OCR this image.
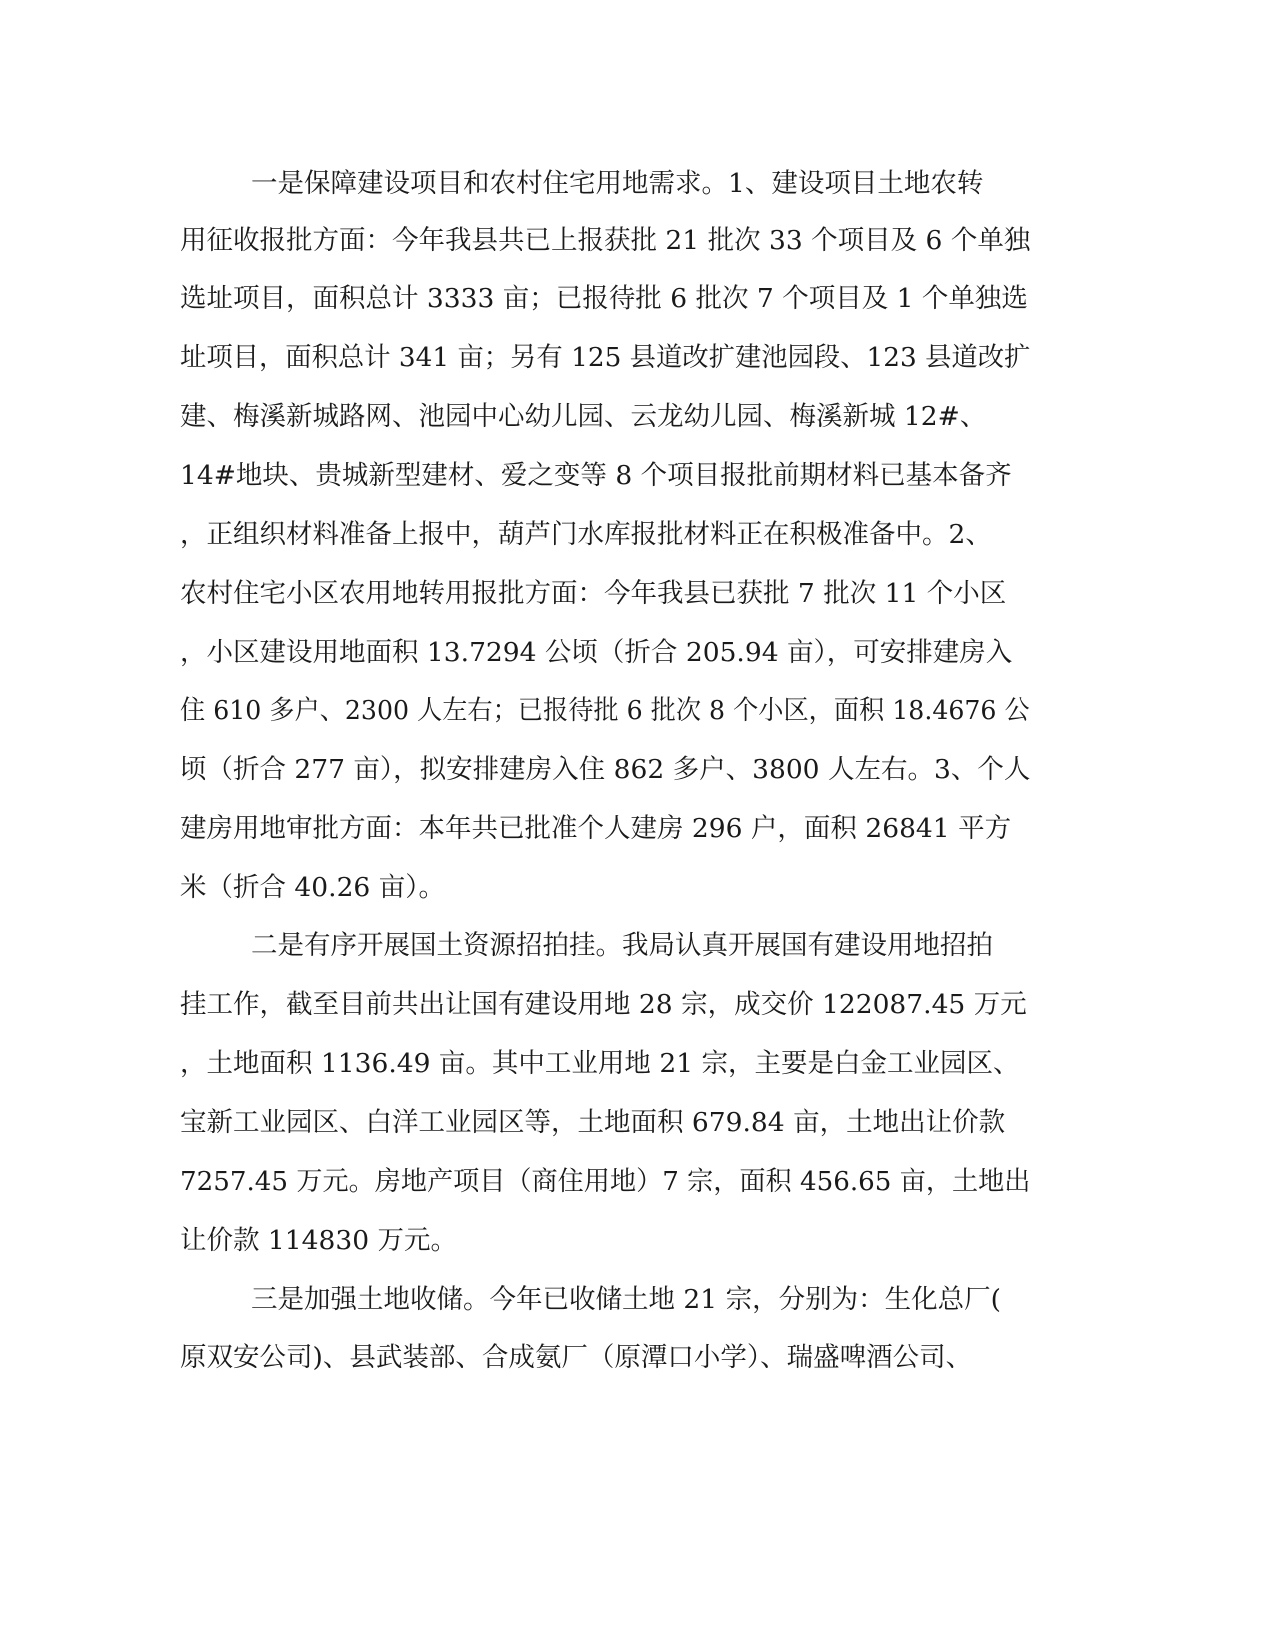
一是保障建设项目和农村住宅用地需求。1、建设项目土地农转
用征收报批方面：今年我县共已上报获批 21 批次 33 个项目及 6 个单独
选址项目，面积总计 3333 亩；已报待批 6 批次 7 个项目及 1 个单独选
址项目，面积总计 341 亩；另有 125 县道改扩建池园段、123 县道改扩
建、梅溪新城路网、池园中心幼儿园、云龙幼儿园、梅溪新城 12#、
14#地块、贵城新型建材、爱之变等 8 个项目报批前期材料已基本备齐
，正组织材料准备上报中，葫芦门水库报批材料正在积极准备中。2、
农村住宅小区农用地转用报批方面：今年我县已获批 7 批次 11 个小区
，小区建设用地面积 13.7294 公顷（折合 205.94 亩），可安排建房入
住 610 多户、2300 人左右；已报待批 6 批次 8 个小区，面积 18.4676 公
顷（折合 277 亩），拟安排建房入住 862 多户、3800 人左右。3、个人
建房用地审批方面：本年共已批准个人建房 296 户，面积 26841 平方
米（折合 40.26 亩）。
二是有序开展国土资源招拍挂。我局认真开展国有建设用地招拍
挂工作，截至目前共出让国有建设用地 28 宗，成交价 122087.45 万元
，土地面积 1136.49 亩。其中工业用地 21 宗，主要是白金工业园区、
宝新工业园区、白洋工业园区等，土地面积 679.84 亩，土地出让价款
7257.45 万元。房地产项目（商住用地）7 宗，面积 456.65 亩，土地出
让价款 114830 万元。
三是加强土地收储。今年已收储土地 21 宗，分别为：生化总厂(
原双安公司)、县武装部、合成氨厂（原潭口小学）、瑞盛啤酒公司、
